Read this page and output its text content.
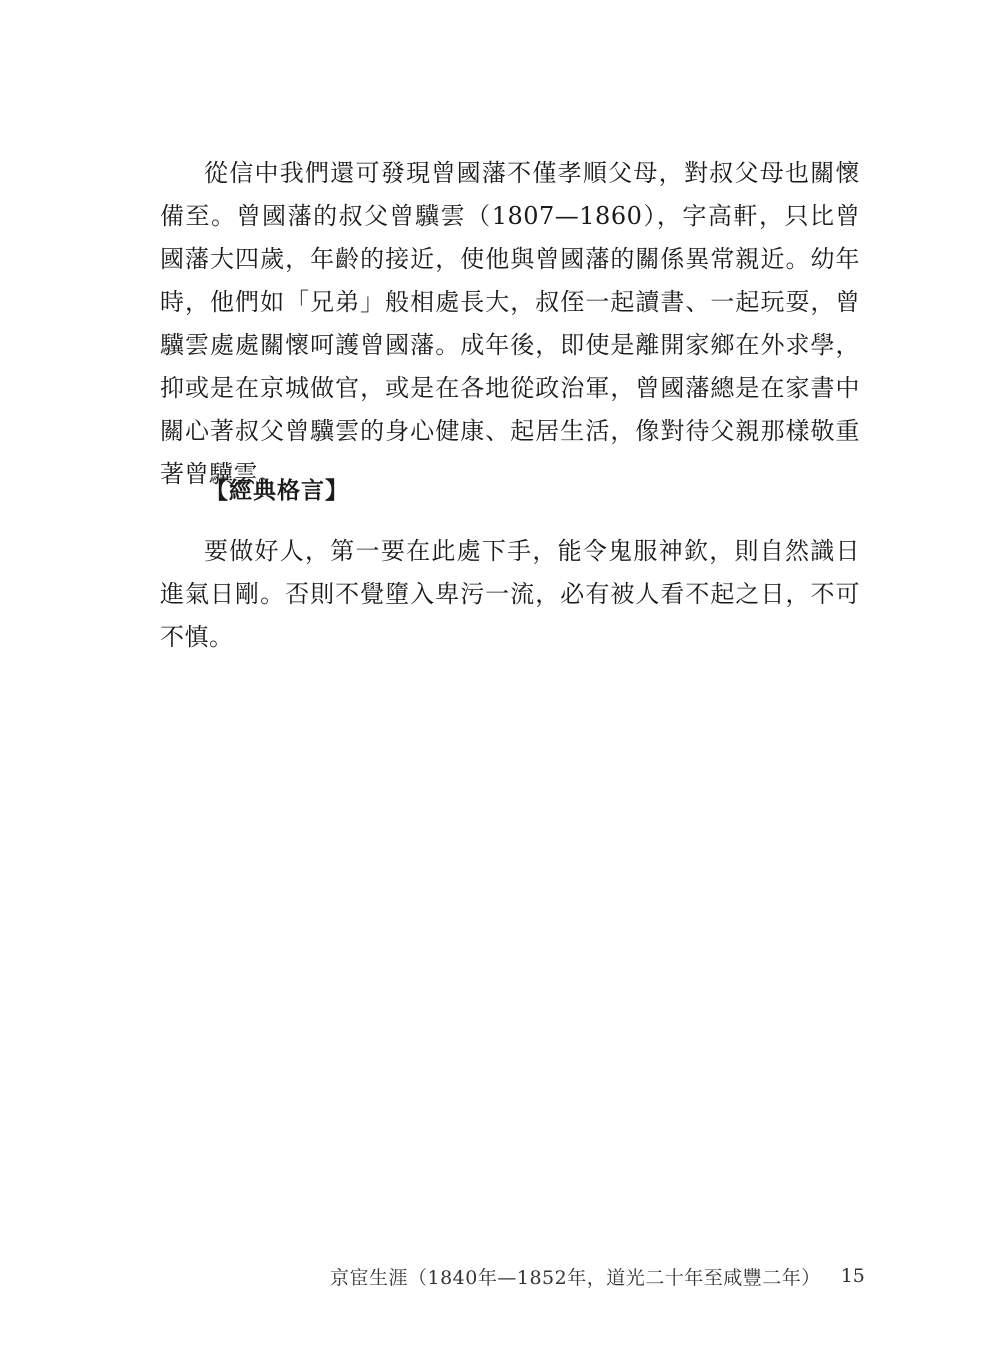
從信中我們還可發現曾國藩不僅孝順父母，對叔父母也關懷備至。曾國藩的叔父曾驥雲（1807—1860），字高軒，只比曾國藩大四歲，年齡的接近，使他與曾國藩的關係異常親近。幼年時，他們如「兄弟」般相處長大，叔侄一起讀書、一起玩耍，曾驥雲處處關懷呵護曾國藩。成年後，即使是離開家鄉在外求學，抑或是在京城做官，或是在各地從政治軍，曾國藩總是在家書中關心著叔父曾驥雲的身心健康、起居生活，像對待父親那樣敬重著曾驥雲。

【經典格言】

要做好人，第一要在此處下手，能令鬼服神欽，則自然識日進氣日剛。否則不覺墮入卑污一流，必有被人看不起之日，不可不慎。

京宦生涯（1840年—1852年，道光二十年至咸豐二年）	15
